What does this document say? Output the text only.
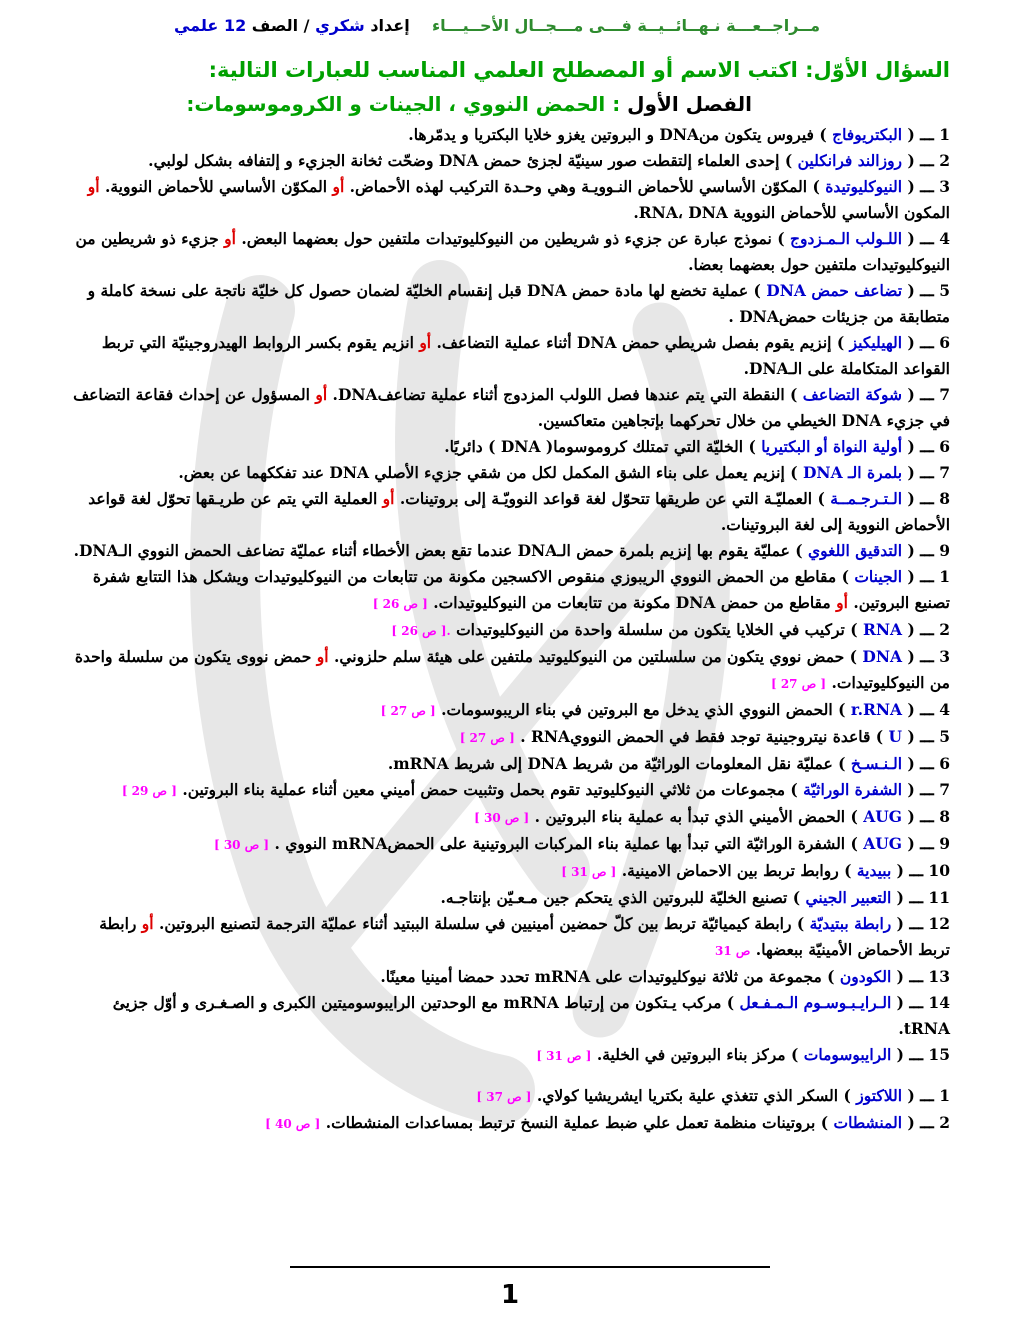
مــراجــعـــة نـهــائــيــة فـــى مـــجــال الأحــيـــاء    إعداد شكري / الصف 12 علمي
السؤال الأوّل: اكتب الاسم أو المصطلح العلمي المناسب للعبارات التالية:
الفصل الأول : الحمض النووي ، الجينات و الكروموسومات:

1 ـــ ( البكتريوفاج ) فيروس يتكون منDNA و البروتين يغزو خلايا البكتريا و يدمّرها.

2 ـــ ( روزالند فرانكلين ) إحدى العلماء إلتقطت صور سينيّة لجزئ حمض DNA وضحّت ثخانة الجزيء و إلتفافه بشكل لولبي.

3 ـــ ( النيوكليوتيدة ) المكوّن الأساسي للأحماض النـوويـة وهي وحـدة التركيب لهذه الأحماض. أو المكوّن الأساسي للأحماض النووية. أو المكون الأساسي للأحماض النووية RNA، DNA.

4 ـــ ( اللـولب الـمـزدوج ) نموذج عبارة عن جزيء ذو شريطين من النيوكليوتيدات ملتفين حول بعضهما البعض. أو جزيء ذو شريطين من النيوكليوتيدات ملتفين حول بعضهما بعضا.

5 ـــ ( تضاعف حمض DNA ) عملية تخضع لها مادة حمض DNA قبل إنقسام الخليّة لضمان حصول كل خليّة ناتجة على نسخة كاملة و متطابقة من جزيئات حمضDNA .

6 ـــ ( الهيليكيز ) إنزيم يقوم بفصل شريطي حمض DNA أثناء عملية التضاعف. أو انزيم يقوم بكسر الروابط الهيدروجينيّة التي تربط القواعد المتكاملة على الـDNA.

7 ـــ ( شوكة التضاعف ) النقطة التي يتم عندها فصل اللولب المزدوج أثناء عملية تضاعفDNA. أو المسؤول عن إحداث فقاعة التضاعف في جزيء DNA الخيطي من خلال تحركهما بإتجاهين متعاكسين.

6 ـــ ( أولية النواة أو البكتيريا ) الخليّة التي تمتلك كروموسوما( DNA ) دائريًا.

7 ـــ ( بلمرة الـ DNA ) إنزيم يعمل على بناء الشق المكمل لكل من شقي جزيء الأصلي DNA عند تفككهما عن بعض.

8 ـــ ( الـتـرجـمــة ) العمليّـة التي عن طريقها تتحوّل لغة قواعد النوويّـة إلى بروتينات. أو العملية التي يتم عن طريـقها تحوّل لغة قواعد الأحماض النووية إلى لغة البروتينات.

9 ـــ ( التدقيق اللغوي ) عمليّة يقوم بها إنزيم بلمرة حمض الـDNA عندما تقع بعض الأخطاء أثناء عمليّة تضاعف الحمض النووي الـDNA.

1 ـــ ( الجينات ) مقاطع من الحمض النووي الريبوزي منقوص الاكسجين مكونة من تتابعات من النيوكليوتيدات ويشكل هذا التتابع شفرة تصنيع البروتين. أو مقاطع من حمض DNA مكونة من تتابعات من النيوكليوتيدات. [ ص 26 ]

2 ـــ ( RNA ) تركيب في الخلايا يتكون من سلسلة واحدة من النيوكليوتيدات .[ ص 26 ]

3 ـــ ( DNA ) حمض نووي يتكون من سلسلتين من النيوكليوتيد ملتفين على هيئة سلم حلزوني. أو حمض نووى يتكون من سلسلة واحدة من النيوكليوتيدات. [ ص 27 ]

4 ـــ ( r.RNA ) الحمض النووي الذي يدخل مع البروتين في بناء الريبوسومات. [ ص 27 ]

5 ـــ ( U ) قاعدة نيتروجينية توجد فقط في الحمض النوويRNA . [ ص 27 ]

6 ـــ ( الـنـسـخ ) عمليّة نقل المعلومات الوراثيّة من شريط DNA إلى شريط mRNA.

7 ـــ ( الشفرة الوراثيّة ) مجموعات من ثلاثي النيوكليوتيد تقوم بحمل وتثبيت حمض أميني معين أثناء عملية بناء البروتين. [ ص 29 ]

8 ـــ ( AUG ) الحمض الأميني الذي تبدأ به عملية بناء البروتين . [ ص 30 ]

9 ـــ ( AUG ) الشفرة الوراثيّة التي تبدأ بها عملية بناء المركبات البروتينية على الحمضmRNA النووي . [ ص 30 ]

10 ـــ ( ببيدية ) روابط تربط بين الاحماض الامينية. [ ص 31 ]

11 ـــ ( التعبير الجيني ) تصنيع الخليّة للبروتين الذي يتحكم جين مـعـيّن بإنتاجـه.

12 ـــ ( رابطة ببتيديّة ) رابطة كيميائيّة تربط بين كلّ حمضين أمينيين في سلسلة الببتيد أثناء عمليّة الترجمة لتصنيع البروتين. أو رابطة تربط الأحماض الأمينيّة ببعضها. ص 31

13 ـــ ( الكودون ) مجموعة من ثلاثة نيوكليوتيدات على mRNA تحدد حمضا أمينيا معينًا.

14 ـــ ( الـرايـبـوسـوم الـمـفـعل ) مركب يـتكون من إرتباط mRNA مع الوحدتين الرايبوسوميتين الكبرى و الصـغـرى و أوّل جزيئ tRNA.

15 ـــ ( الرايبوسومات ) مركز بناء البروتين في الخلية. [ ص 31 ]

1 ـــ ( اللاكتوز ) السكر الذي تتغذي علية بكتريا ايشريشيا كولاي. [ ص 37 ]

2 ـــ ( المنشطات ) بروتينات منظمة تعمل علي ضبط عملية النسخ ترتبط بمساعدات المنشطات. [ ص 40 ]

1
